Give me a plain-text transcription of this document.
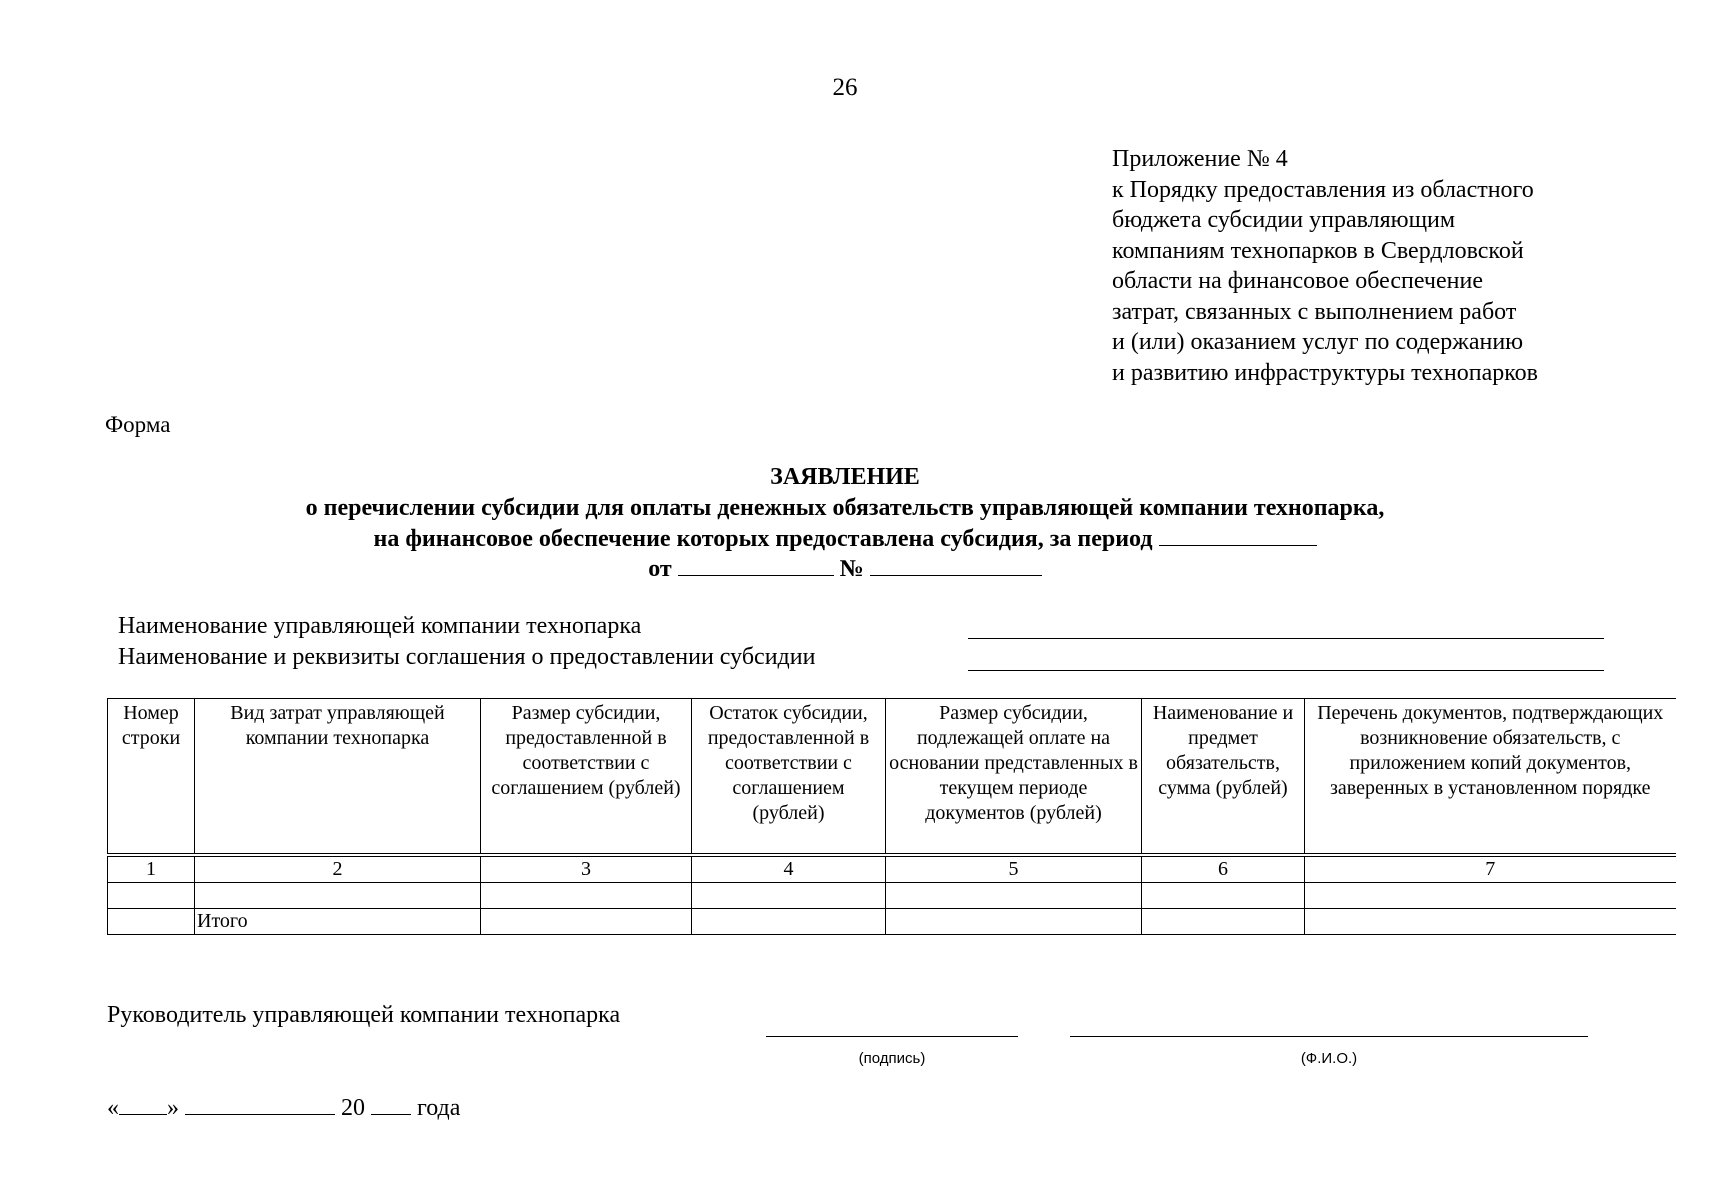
26
Приложение № 4
к Порядку предоставления из областного
бюджета субсидии управляющим
компаниям технопарков в Свердловской
области на финансовое обеспечение
затрат, связанных с выполнением работ
и (или) оказанием услуг по содержанию
и развитию инфраструктуры технопарков
Форма
ЗАЯВЛЕНИЕ
о перечислении субсидии для оплаты денежных обязательств управляющей компании технопарка,
на финансовое обеспечение которых предоставлена субсидия, за период
от	№
Наименование управляющей компании технопарка
Наименование и реквизиты соглашения о предоставлении субсидии
Номер строки	Вид затрат управляющей компании технопарка	Размер субсидии, предоставленной в соответствии с соглашением (рублей)	Остаток субсидии, предоставленной в соответствии с соглашением (рублей)	Размер субсидии, подлежащей оплате на основании представленных в текущем периоде документов (рублей)	Наименование и предмет обязательств, сумма (рублей)	Перечень документов, подтверждающих возникновение обязательств, с приложением копий документов, заверенных в установленном порядке
1	2	3	4	5	6	7

	Итого					
Руководитель управляющей компании технопарка
(подпись)	(Ф.И.О.)
« »	20 года
